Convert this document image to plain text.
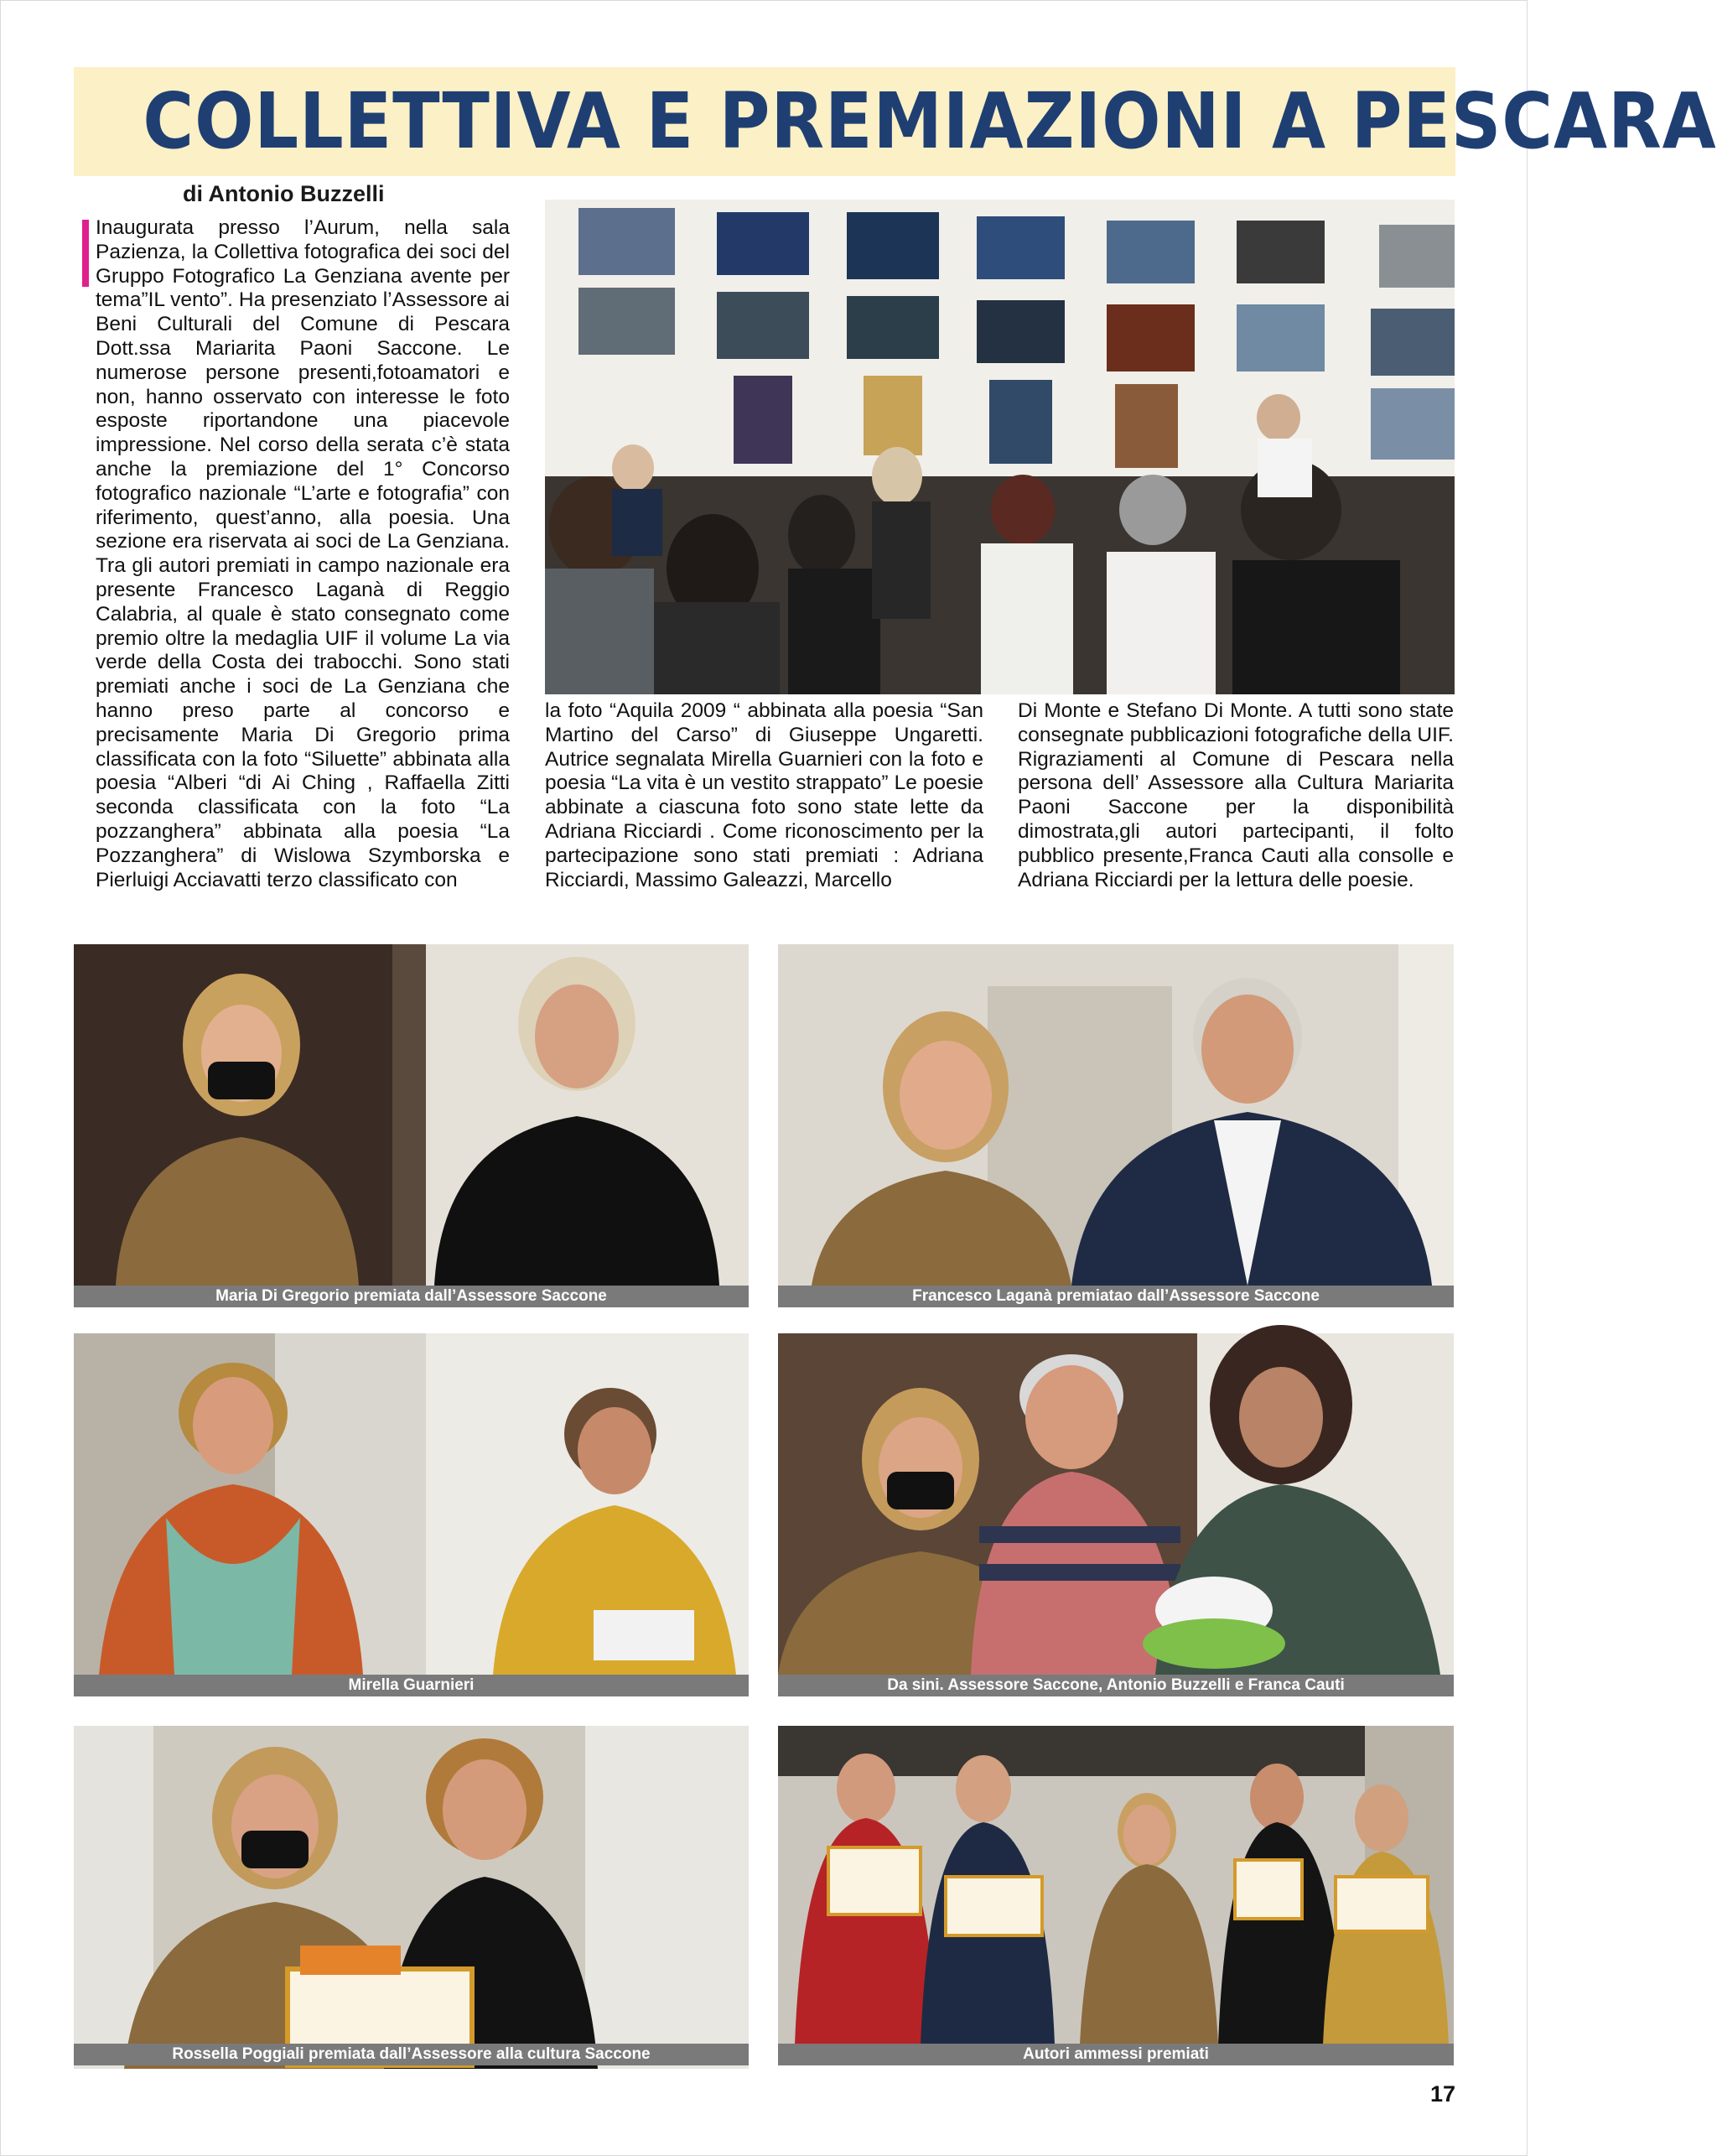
COLLETTIVA E PREMIAZIONI A PESCARA
di Antonio Buzzelli
Inaugurata presso l’Aurum, nella sala Pazienza, la Collettiva fotografica dei soci del Gruppo Fotografico La Genziana avente per tema”IL vento”. Ha presenziato l’Assessore ai Beni Culturali del Comune di Pescara Dott.ssa Mariarita Paoni Saccone. Le numerose persone presenti,fotoamatori e non, hanno osservato con interesse le foto esposte riportandone una piacevole impressione. Nel corso della serata c’è stata anche la premiazione del 1° Concorso fotografico nazionale “L’arte e fotografia” con riferimento, quest’anno, alla poesia. Una sezione era riservata ai soci de La Genziana. Tra gli autori premiati in campo nazionale era presente Francesco Laganà di Reggio Calabria, al quale è stato consegnato come premio oltre la medaglia UIF il volume La via verde della Costa dei trabocchi. Sono stati premiati anche i soci de La Genziana che hanno preso parte al concorso e precisamente Maria Di Gregorio prima classificata con la foto “Siluette” abbinata alla poesia “Alberi “di Ai Ching , Raffaella Zitti seconda classificata con la foto “La pozzanghera” abbinata alla poesia “La Pozzanghera” di Wislowa Szymborska e Pierluigi Acciavatti terzo classificato con
la foto “Aquila 2009 “ abbinata alla poesia “San Martino del Carso” di Giuseppe Ungaretti. Autrice segnalata Mirella Guarnieri con la foto e poesia “La vita è un vestito strappato” Le poesie abbinate a ciascuna foto sono state lette da Adriana Ricciardi . Come riconoscimento per la partecipazione sono stati premiati : Adriana Ricciardi, Massimo Galeazzi, Marcello
Di Monte e Stefano Di Monte. A tutti sono state consegnate pubblicazioni fotografiche della UIF. Rigraziamenti al Comune di Pescara nella persona dell’ Assessore alla Cultura Mariarita Paoni Saccone per la disponibilità dimostrata,gli autori partecipanti, il folto pubblico presente,Franca Cauti alla consolle e Adriana Ricciardi per la lettura delle poesie.
Maria Di Gregorio premiata dall’Assessore Saccone	Francesco Laganà premiatao dall’Assessore Saccone
Mirella Guarnieri	Da sini. Assessore Saccone, Antonio Buzzelli e Franca Cauti
Rossella Poggiali premiata dall’Assessore alla cultura Saccone	Autori ammessi premiati
17
